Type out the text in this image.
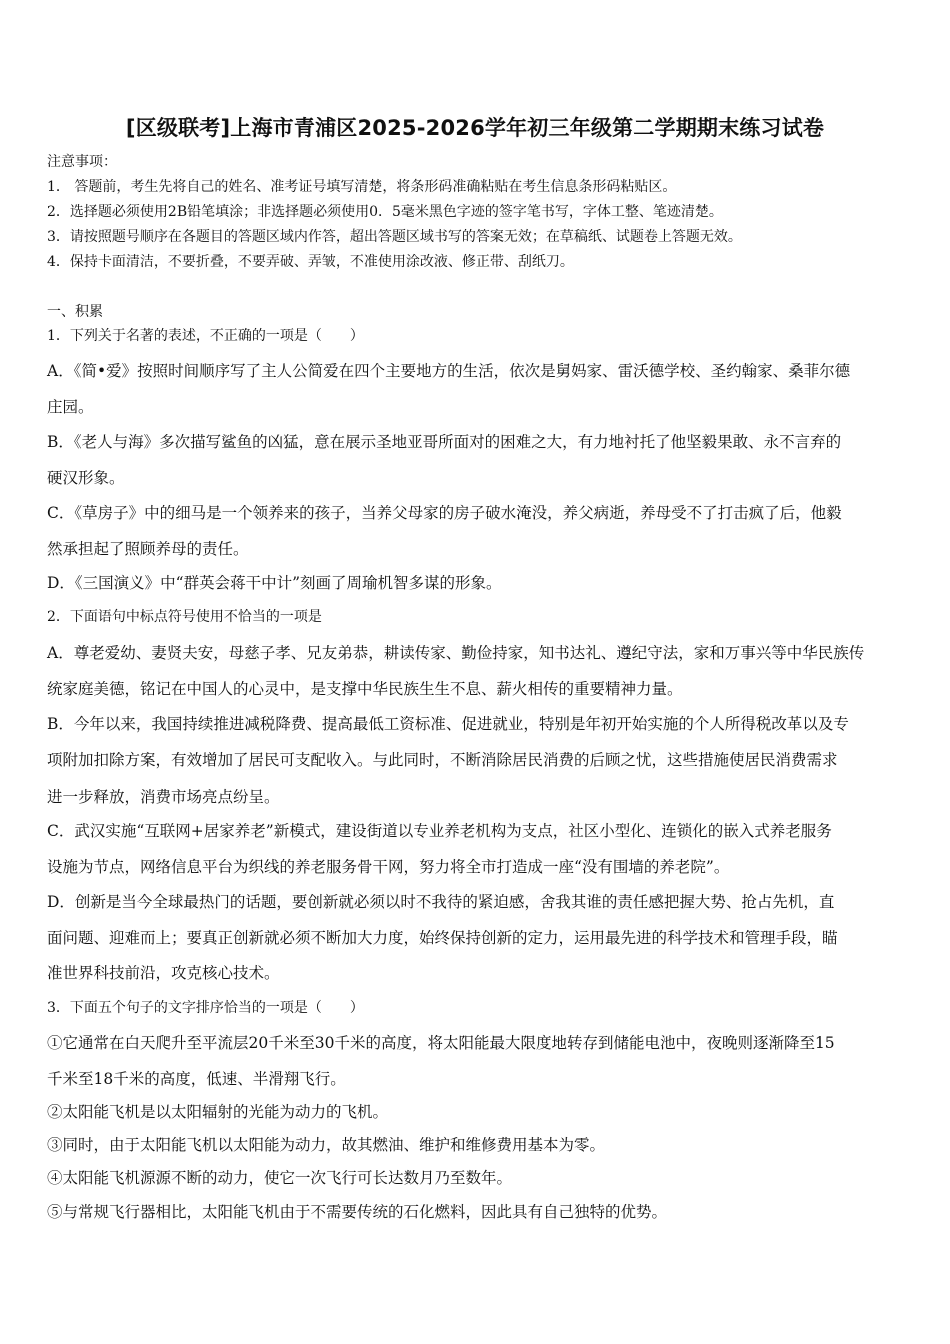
[区级联考]上海市青浦区2025-2026学年初三年级第二学期期末练习试卷
注意事项：
1． 答题前，考生先将自己的姓名、准考证号填写清楚，将条形码准确粘贴在考生信息条形码粘贴区。
2．选择题必须使用2B铅笔填涂；非选择题必须使用0．5毫米黑色字迹的签字笔书写，字体工整、笔迹清楚。
3．请按照题号顺序在各题目的答题区域内作答，超出答题区域书写的答案无效；在草稿纸、试题卷上答题无效。
4．保持卡面清洁，不要折叠，不要弄破、弄皱，不准使用涂改液、修正带、刮纸刀。
一、积累
1．下列关于名著的表述，不正确的一项是（　　）
A．《简•爱》按照时间顺序写了主人公简爱在四个主要地方的生活，依次是舅妈家、雷沃德学校、圣约翰家、桑菲尔德
庄园。
B．《老人与海》多次描写鲨鱼的凶猛，意在展示圣地亚哥所面对的困难之大，有力地衬托了他坚毅果敢、永不言弃的
硬汉形象。
C．《草房子》中的细马是一个领养来的孩子，当养父母家的房子破水淹没，养父病逝，养母受不了打击疯了后，他毅
然承担起了照顾养母的责任。
D．《三国演义》中“群英会蒋干中计”刻画了周瑜机智多谋的形象。
2．下面语句中标点符号使用不恰当的一项是
A．尊老爱幼、妻贤夫安，母慈子孝、兄友弟恭，耕读传家、勤俭持家，知书达礼、遵纪守法，家和万事兴等中华民族传
统家庭美德，铭记在中国人的心灵中，是支撑中华民族生生不息、薪火相传的重要精神力量。
B．今年以来，我国持续推进减税降费、提高最低工资标准、促进就业，特别是年初开始实施的个人所得税改革以及专
项附加扣除方案，有效增加了居民可支配收入。与此同时，不断消除居民消费的后顾之忧，这些措施使居民消费需求
进一步释放，消费市场亮点纷呈。
C．武汉实施“互联网+居家养老”新模式，建设街道以专业养老机构为支点，社区小型化、连锁化的嵌入式养老服务
设施为节点，网络信息平台为织线的养老服务骨干网，努力将全市打造成一座“没有围墙的养老院”。
D．创新是当今全球最热门的话题，要创新就必须以时不我待的紧迫感，舍我其谁的责任感把握大势、抢占先机，直
面问题、迎难而上；要真正创新就必须不断加大力度，始终保持创新的定力，运用最先进的科学技术和管理手段，瞄
准世界科技前沿，攻克核心技术。
3．下面五个句子的文字排序恰当的一项是（　　）
①它通常在白天爬升至平流层20千米至30千米的高度，将太阳能最大限度地转存到储能电池中，夜晚则逐渐降至15
千米至18千米的高度，低速、半滑翔飞行。
②太阳能飞机是以太阳辐射的光能为动力的飞机。
③同时，由于太阳能飞机以太阳能为动力，故其燃油、维护和维修费用基本为零。
④太阳能飞机源源不断的动力，使它一次飞行可长达数月乃至数年。
⑤与常规飞行器相比，太阳能飞机由于不需要传统的石化燃料，因此具有自己独特的优势。
